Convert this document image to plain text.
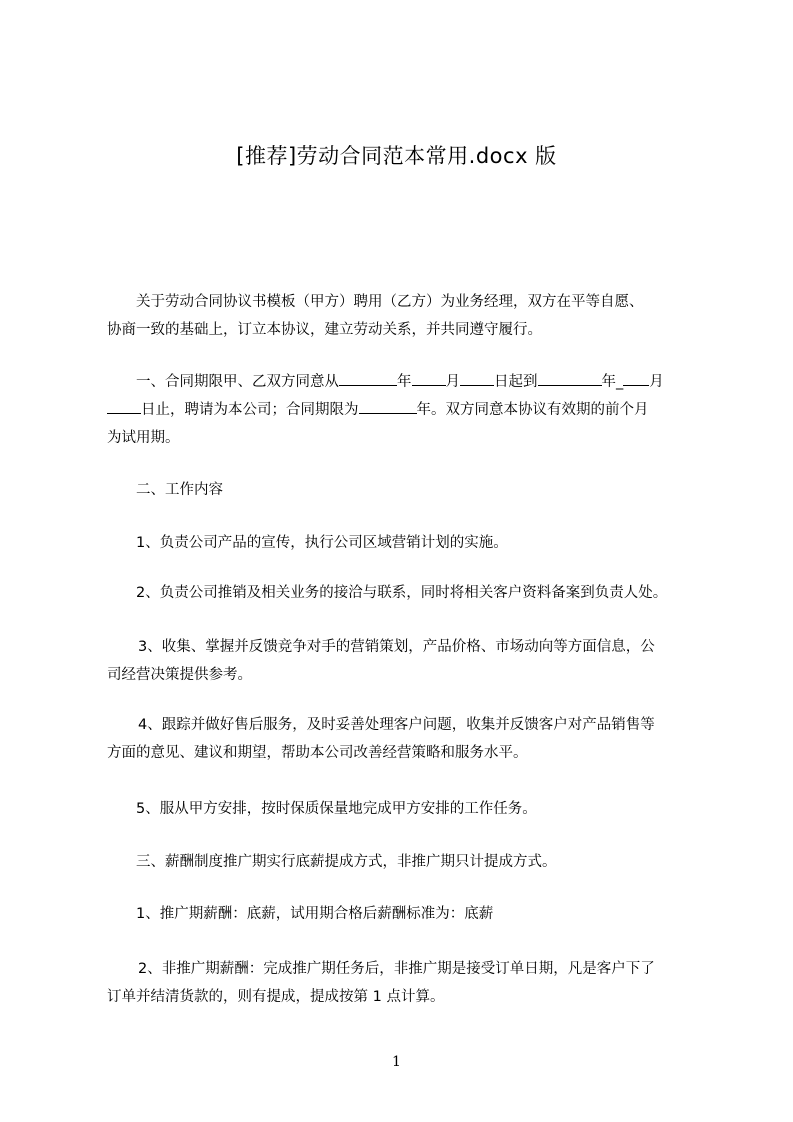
[推荐]劳动合同范本常用.docx 版
关于劳动合同协议书模板（甲方）聘用（乙方）为业务经理，双方在平等自愿、
协商一致的基础上，订立本协议，建立劳动关系，并共同遵守履行。
一、合同期限甲、乙双方同意从	年 月 日起到	年_ 月
日止，聘请为本公司；合同期限为	年。双方同意本协议有效期的前个月
为试用期。
二、工作内容
1、负责公司产品的宣传，执行公司区域营销计划的实施。
2、负责公司推销及相关业务的接洽与联系，同时将相关客户资料备案到负责人处。
3、收集、掌握并反馈竞争对手的营销策划，产品价格、市场动向等方面信息，公
司经营决策提供参考。
4、跟踪并做好售后服务，及时妥善处理客户问题，收集并反馈客户对产品销售等
方面的意见、建议和期望，帮助本公司改善经营策略和服务水平。
5、服从甲方安排，按时保质保量地完成甲方安排的工作任务。
三、薪酬制度推广期实行底薪提成方式，非推广期只计提成方式。
1、推广期薪酬：底薪，试用期合格后薪酬标准为：底薪
2、非推广期薪酬：完成推广期任务后，非推广期是接受订单日期，凡是客户下了
订单并结清货款的，则有提成，提成按第 1 点计算。
1
